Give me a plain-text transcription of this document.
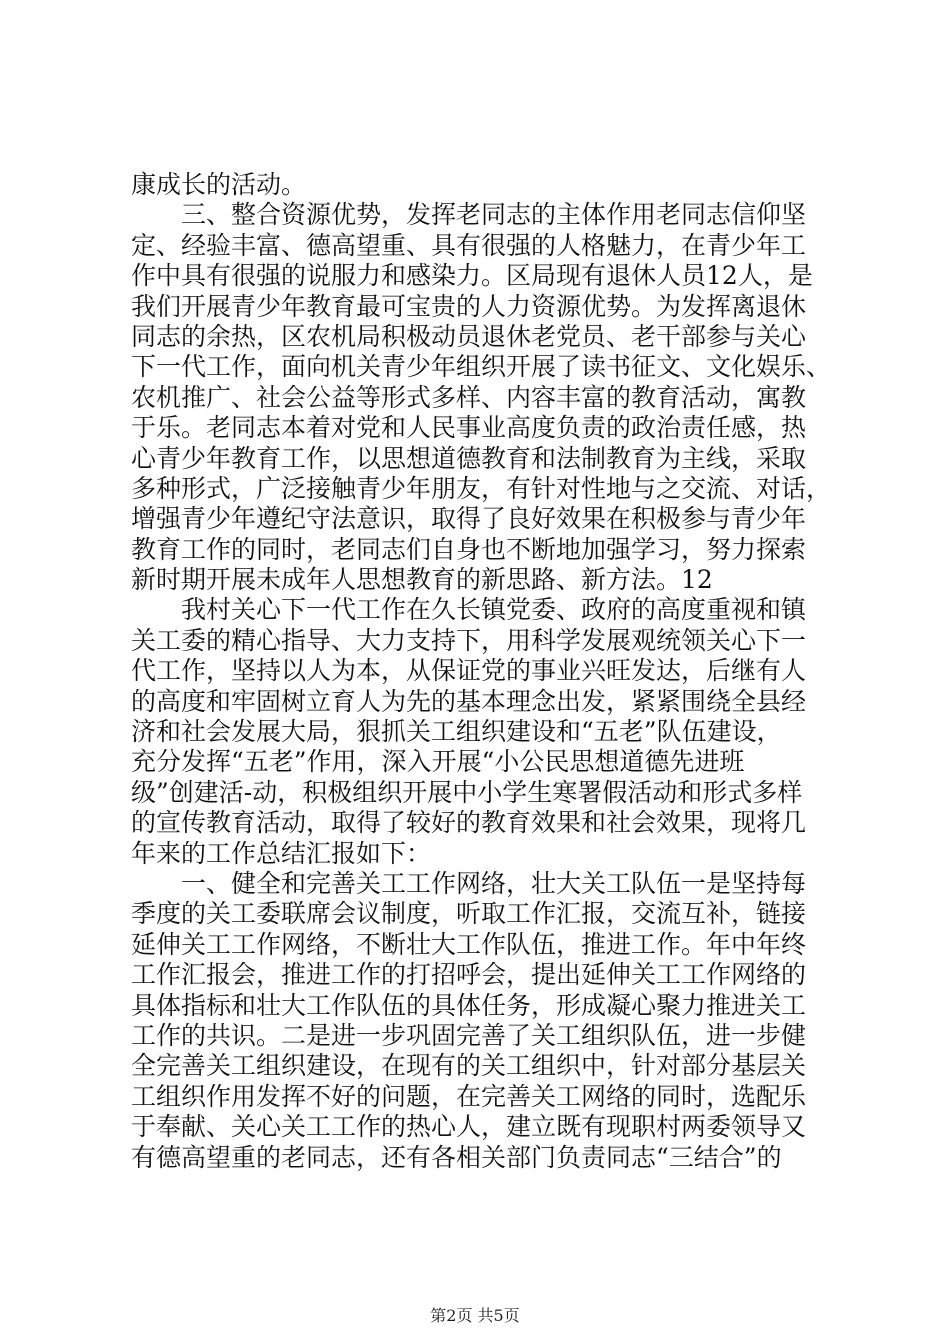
康成长的活动。
　　三、整合资源优势，发挥老同志的主体作用老同志信仰坚
定、经验丰富、德高望重、具有很强的人格魅力，在青少年工
作中具有很强的说服力和感染力。区局现有退休人员12人，是
我们开展青少年教育最可宝贵的人力资源优势。为发挥离退休
同志的余热，区农机局积极动员退休老党员、老干部参与关心
下一代工作，面向机关青少年组织开展了读书征文、文化娱乐、
农机推广、社会公益等形式多样、内容丰富的教育活动，寓教
于乐。老同志本着对党和人民事业高度负责的政治责任感，热
心青少年教育工作，以思想道德教育和法制教育为主线，采取
多种形式，广泛接触青少年朋友，有针对性地与之交流、对话，
增强青少年遵纪守法意识，取得了良好效果在积极参与青少年
教育工作的同时，老同志们自身也不断地加强学习，努力探索
新时期开展未成年人思想教育的新思路、新方法。12
　　我村关心下一代工作在久长镇党委、政府的高度重视和镇
关工委的精心指导、大力支持下，用科学发展观统领关心下一
代工作，坚持以人为本，从保证党的事业兴旺发达，后继有人
的高度和牢固树立育人为先的基本理念出发，紧紧围绕全县经
济和社会发展大局，狠抓关工组织建设和“五老”队伍建设，
充分发挥“五老”作用，深入开展“小公民思想道德先进班
级”创建活-动，积极组织开展中小学生寒署假活动和形式多样
的宣传教育活动，取得了较好的教育效果和社会效果，现将几
年来的工作总结汇报如下：
　　一、健全和完善关工工作网络，壮大关工队伍一是坚持每
季度的关工委联席会议制度，听取工作汇报，交流互补，链接
延伸关工工作网络，不断壮大工作队伍，推进工作。年中年终
工作汇报会，推进工作的打招呼会，提出延伸关工工作网络的
具体指标和壮大工作队伍的具体任务，形成凝心聚力推进关工
工作的共识。二是进一步巩固完善了关工组织队伍，进一步健
全完善关工组织建设，在现有的关工组织中，针对部分基层关
工组织作用发挥不好的问题，在完善关工网络的同时，选配乐
于奉献、关心关工工作的热心人，建立既有现职村两委领导又
有德高望重的老同志，还有各相关部门负责同志“三结合”的
第2页 共5页
